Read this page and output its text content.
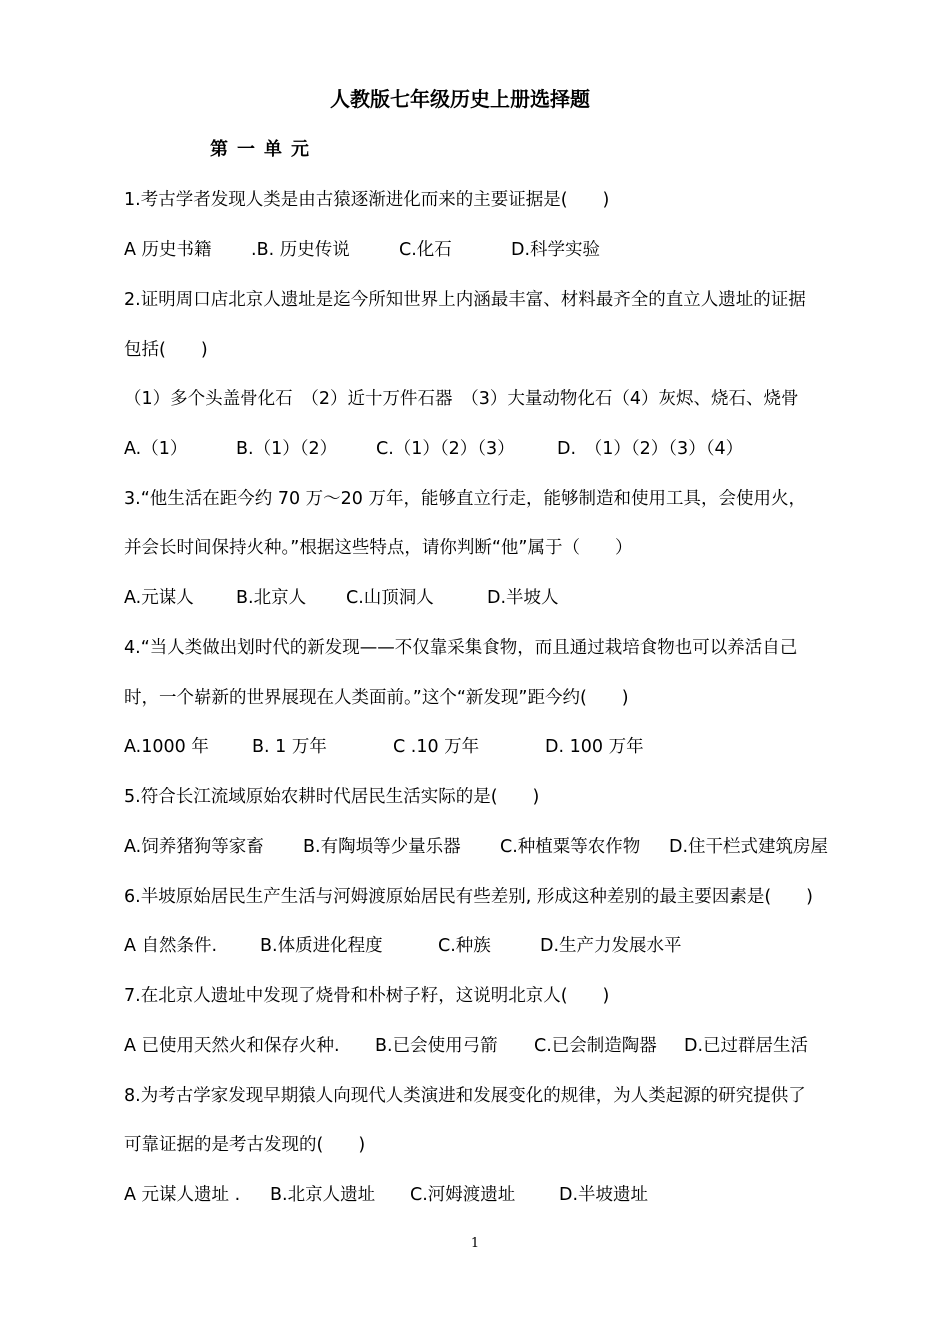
人教版七年级历史上册选择题
第 一 单 元
1.考古学者发现人类是由古猿逐渐进化而来的主要证据是(　　)
A 历史书籍 .B. 历史传说	C.化石	D.科学实验
2.证明周口店北京人遗址是迄今所知世界上内涵最丰富、材料最齐全的直立人遗址的证据
包括(　　)
（1）多个头盖骨化石　（2）近十万件石器　（3）大量动物化石（4）灰烬、烧石、烧骨
A.（1）	B.（1）（2） C.（1）（2）（3） D.　（1）（2）（3）（4）
3.“他生活在距今约 70 万～20 万年，能够直立行走，能够制造和使用工具，会使用火，
并会长时间保持火种。”根据这些特点，请你判断“他”属于（　　）
A.元谋人 B.北京人 C.山顶洞人	D.半坡人
4.“当人类做出划时代的新发现——不仅靠采集食物，而且通过栽培食物也可以养活自己
时，一个崭新的世界展现在人类面前。”这个“新发现”距今约(　　)
A.1000 年 B. 1 万年	C .10 万年	D. 100 万年
5.符合长江流域原始农耕时代居民生活实际的是(　　)
A.饲养猪狗等家畜 B.有陶埙等少量乐器 C.种植粟等农作物 D.住干栏式建筑房屋
6.半坡原始居民生产生活与河姆渡原始居民有些差别, 形成这种差别的最主要因素是(　　)
A 自然条件. B.体质进化程度	C.种族	D.生产力发展水平
7.在北京人遗址中发现了烧骨和朴树子籽，这说明北京人(　　)
A 已使用天然火和保存火种. B.已会使用弓箭 C.已会制造陶器 D.已过群居生活
8.为考古学家发现早期猿人向现代人类演进和发展变化的规律，为人类起源的研究提供了
可靠证据的是考古发现的(　　)
A 元谋人遗址 . B.北京人遗址 C.河姆渡遗址 D.半坡遗址
1
